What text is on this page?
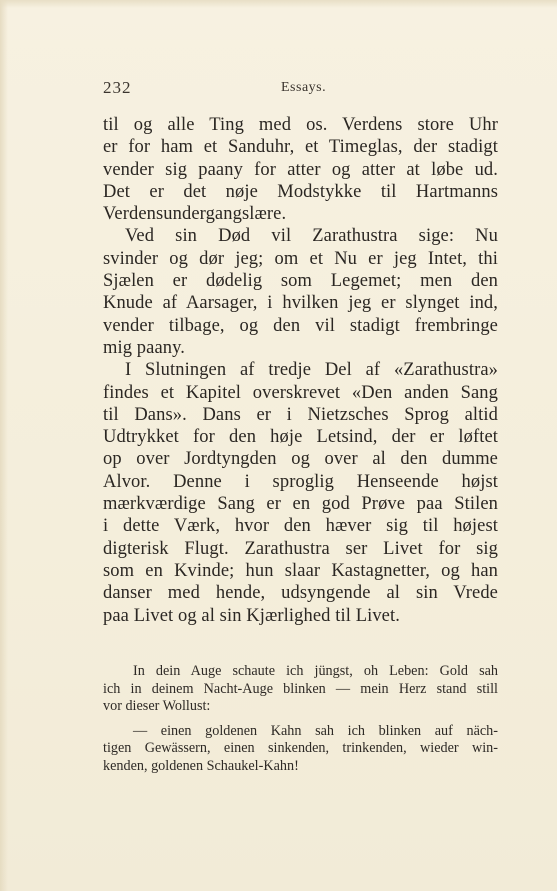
232	Essays.
til og alle Ting med os. Verdens store Uhr
er for ham et Sanduhr, et Timeglas, der stadigt
vender sig paany for atter og atter at løbe ud.
Det er det nøje Modstykke til Hartmanns
Verdensundergangslære.
Ved sin Død vil Zarathustra sige: Nu
svinder og dør jeg; om et Nu er jeg Intet, thi
Sjælen er dødelig som Legemet; men den
Knude af Aarsager, i hvilken jeg er slynget ind,
vender tilbage, og den vil stadigt frembringe
mig paany.
I Slutningen af tredje Del af «Zarathustra»
findes et Kapitel overskrevet «Den anden Sang
til Dans». Dans er i Nietzsches Sprog altid
Udtrykket for den høje Letsind, der er løftet
op over Jordtyngden og over al den dumme
Alvor. Denne i sproglig Henseende højst
mærkværdige Sang er en god Prøve paa Stilen
i dette Værk, hvor den hæver sig til højest
digterisk Flugt. Zarathustra ser Livet for sig
som en Kvinde; hun slaar Kastagnetter, og han
danser med hende, udsyngende al sin Vrede
paa Livet og al sin Kjærlighed til Livet.
In dein Auge schaute ich jüngst, oh Leben: Gold sah
ich in deinem Nacht-Auge blinken — mein Herz stand still
vor dieser Wollust:
— einen goldenen Kahn sah ich blinken auf näch-
tigen Gewässern, einen sinkenden, trinkenden, wieder win-
kenden, goldenen Schaukel-Kahn!
